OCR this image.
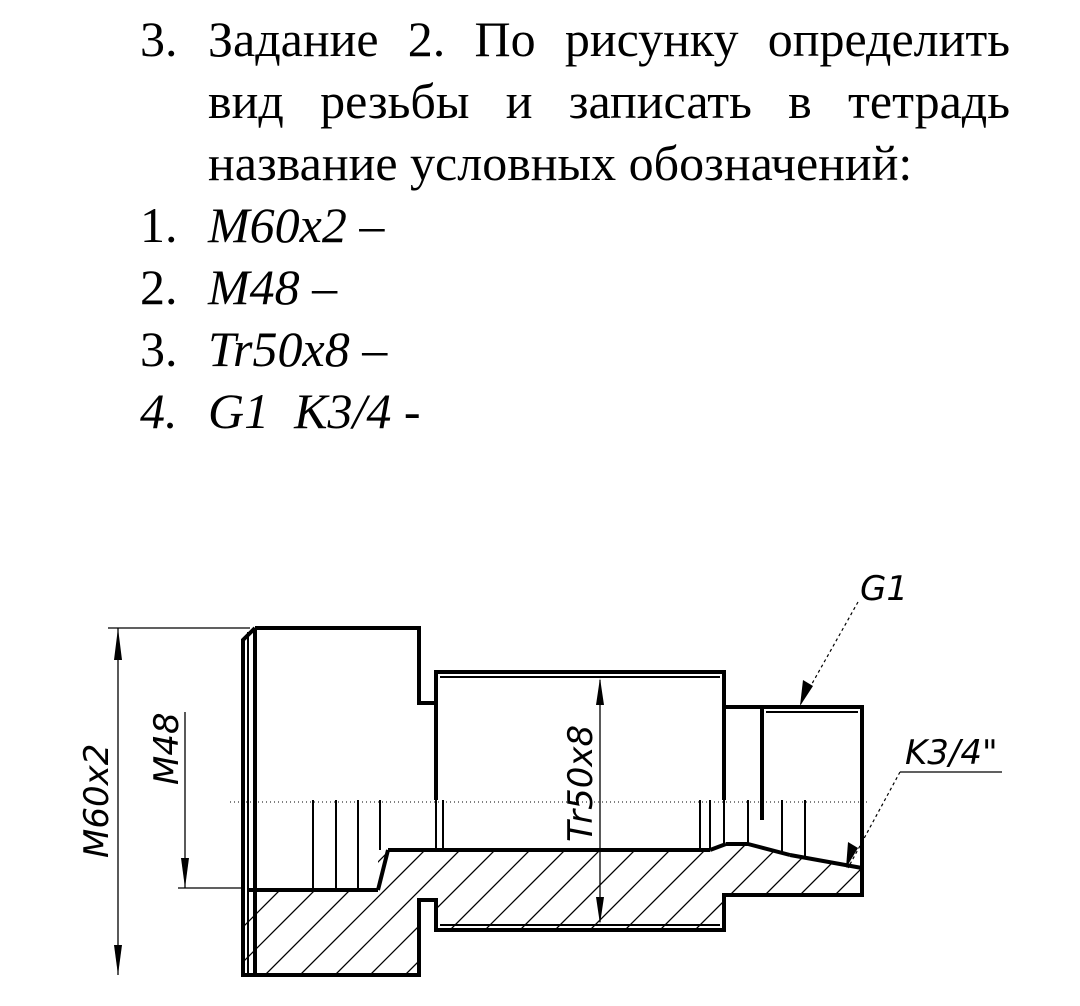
3. Задание 2. По рисунку определить вид резьбы и записать в тетрадь название условных обозначений:
1. M60x2 –
2. M48 –
3. Tr50x8 –
4. G1  K3/4 -
M60x2 M48	Tr50x8
G1
K3/4"
